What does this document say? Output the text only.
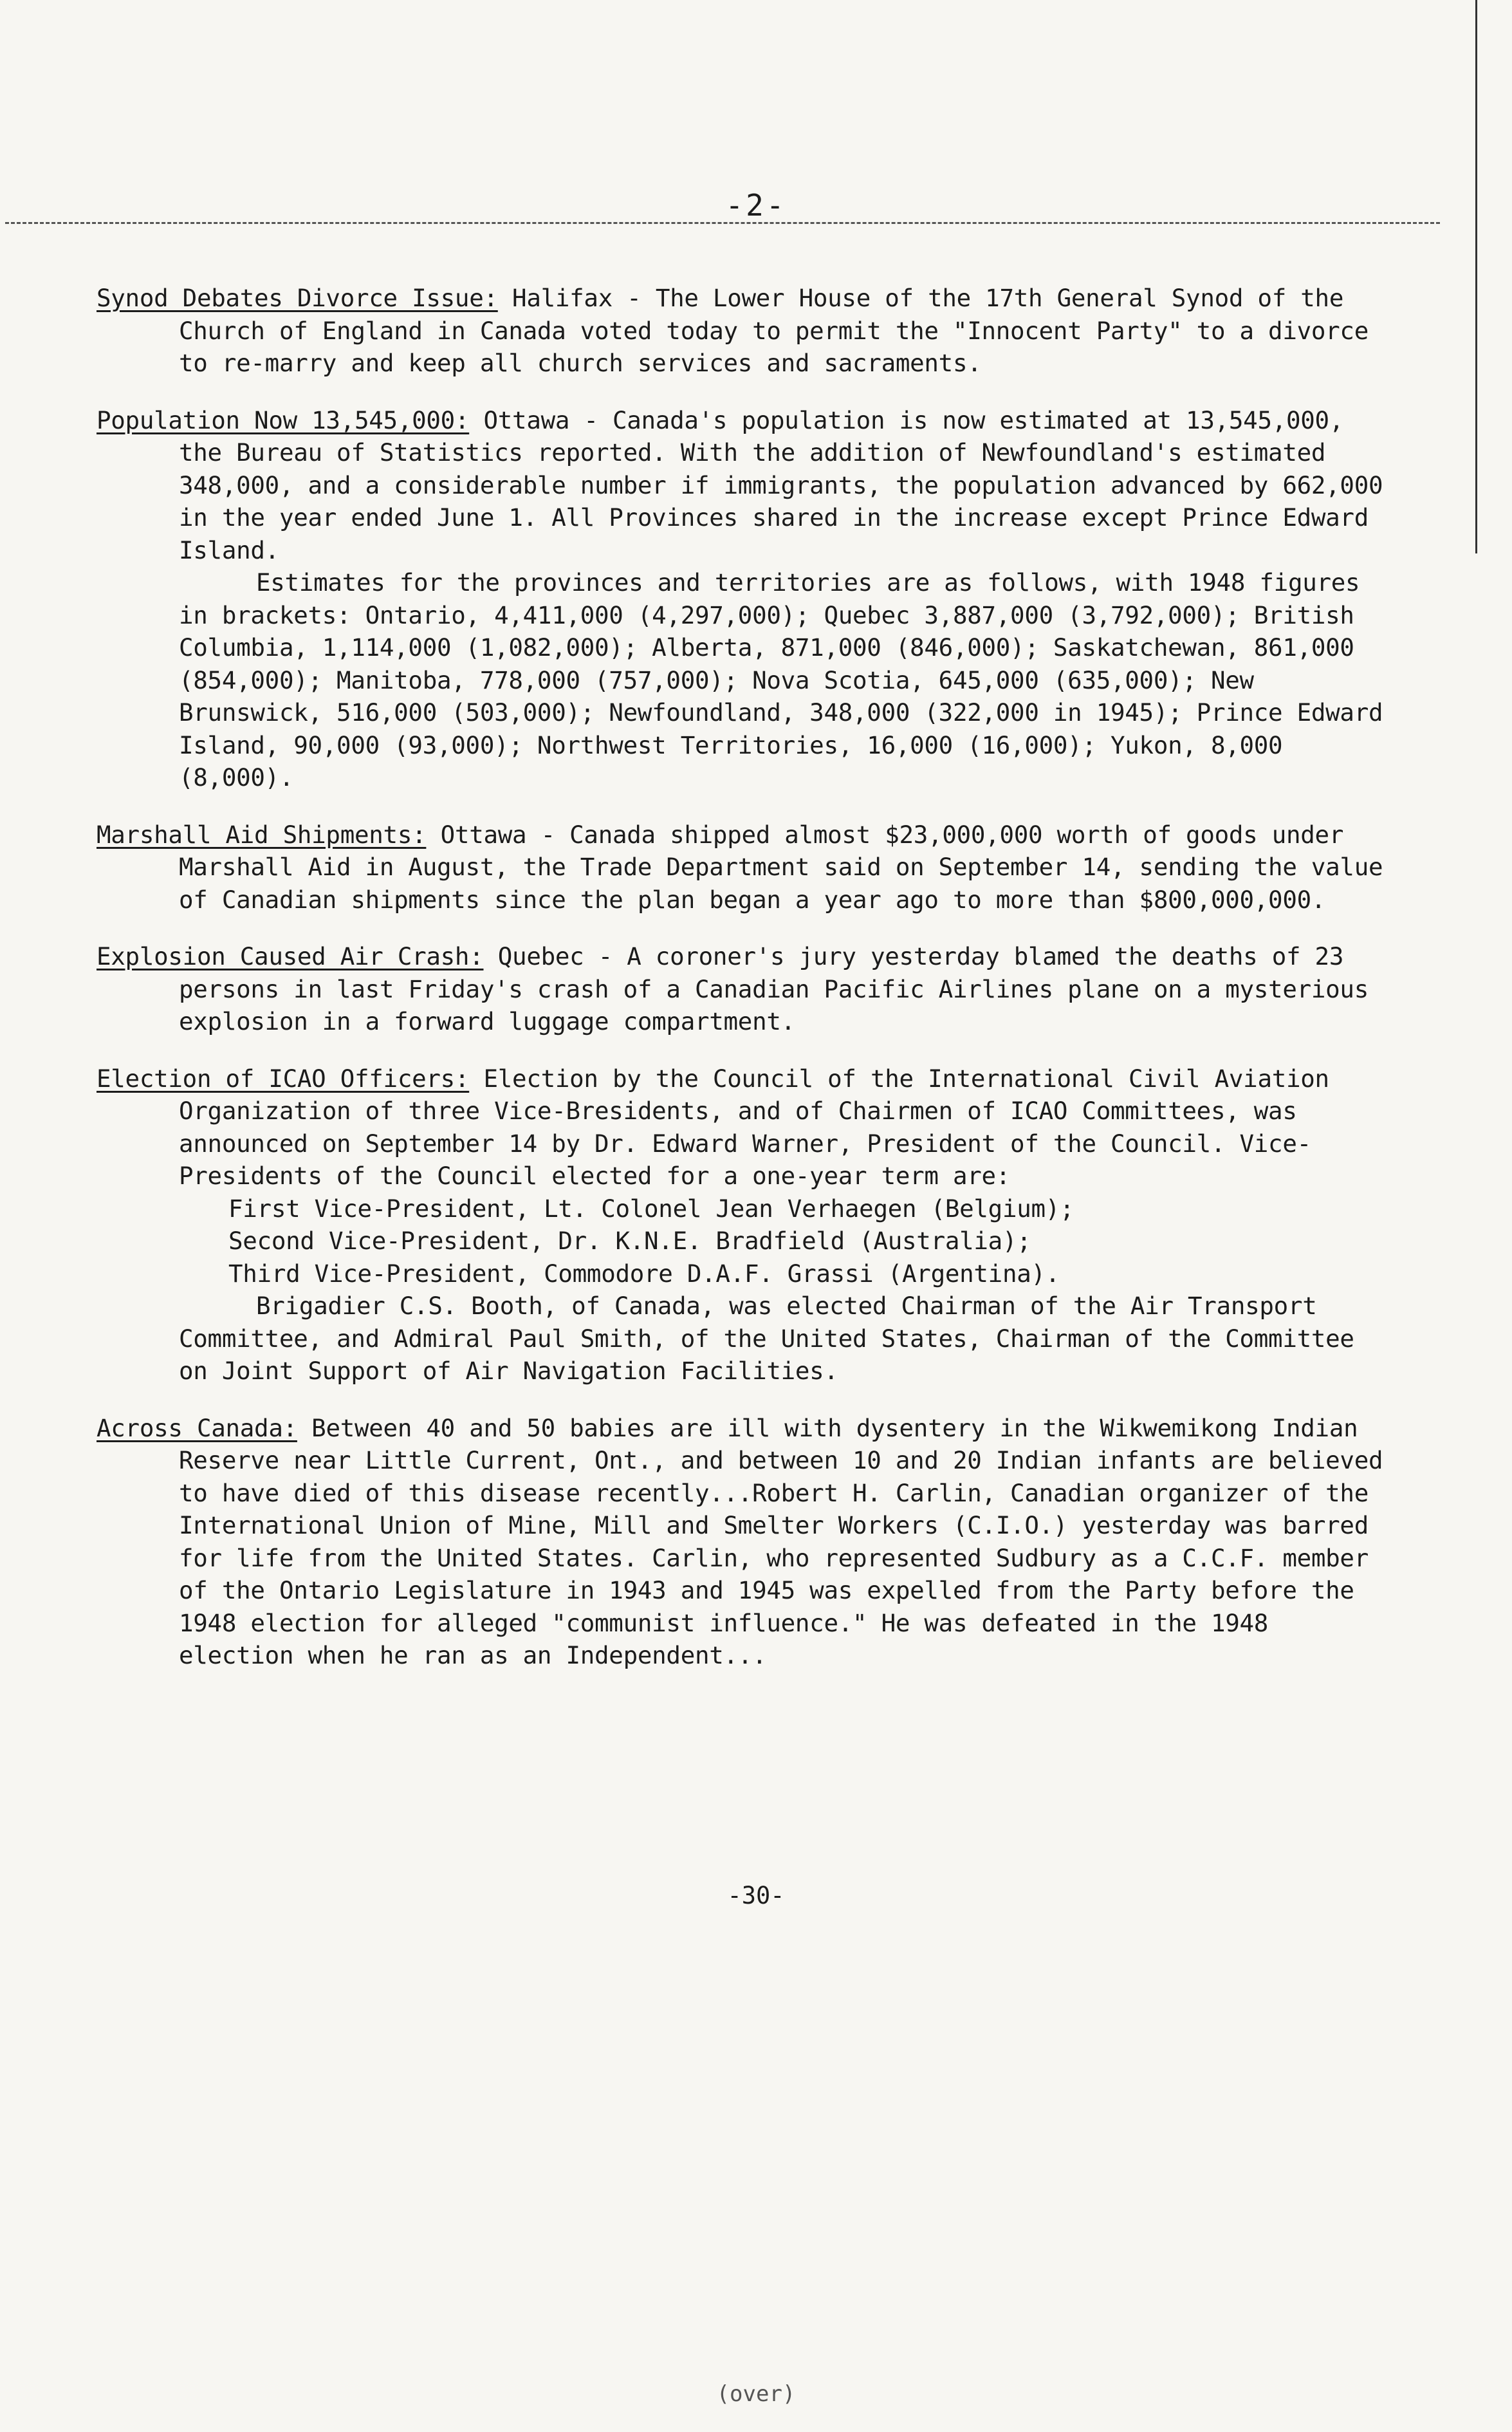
-2-

Synod Debates Divorce Issue: Halifax - The Lower House of the 17th General Synod of the Church of England in Canada voted today to permit the "Innocent Party" to a divorce to re-marry and keep all church services and sacraments.

Population Now 13,545,000: Ottawa - Canada's population is now estimated at 13,545,000, the Bureau of Statistics reported. With the addition of Newfoundland's estimated 348,000, and a considerable number if immigrants, the population advanced by 662,000 in the year ended June 1. All Provinces shared in the increase except Prince Edward Island.

Estimates for the provinces and territories are as follows, with 1948 figures in brackets: Ontario, 4,411,000 (4,297,000); Quebec 3,887,000 (3,792,000); British Columbia, 1,114,000 (1,082,000); Alberta, 871,000 (846,000); Saskatchewan, 861,000 (854,000); Manitoba, 778,000 (757,000); Nova Scotia, 645,000 (635,000); New Brunswick, 516,000 (503,000); Newfoundland, 348,000 (322,000 in 1945); Prince Edward Island, 90,000 (93,000); Northwest Territories, 16,000 (16,000); Yukon, 8,000 (8,000).

Marshall Aid Shipments: Ottawa - Canada shipped almost $23,000,000 worth of goods under Marshall Aid in August, the Trade Department said on September 14, sending the value of Canadian shipments since the plan began a year ago to more than $800,000,000.

Explosion Caused Air Crash: Quebec - A coroner's jury yesterday blamed the deaths of 23 persons in last Friday's crash of a Canadian Pacific Airlines plane on a mysterious explosion in a forward luggage compartment.

Election of ICAO Officers: Election by the Council of the International Civil Aviation Organization of three Vice-Bresidents, and of Chairmen of ICAO Committees, was announced on September 14 by Dr. Edward Warner, President of the Council. Vice-Presidents of the Council elected for a one-year term are:

First Vice-President, Lt. Colonel Jean Verhaegen (Belgium);

Second Vice-President, Dr. K.N.E. Bradfield (Australia);

Third Vice-President, Commodore D.A.F. Grassi (Argentina).

Brigadier C.S. Booth, of Canada, was elected Chairman of the Air Transport Committee, and Admiral Paul Smith, of the United States, Chairman of the Committee on Joint Support of Air Navigation Facilities.

Across Canada: Between 40 and 50 babies are ill with dysentery in the Wikwemikong Indian Reserve near Little Current, Ont., and between 10 and 20 Indian infants are believed to have died of this disease recently...Robert H. Carlin, Canadian organizer of the International Union of Mine, Mill and Smelter Workers (C.I.O.) yesterday was barred for life from the United States. Carlin, who represented Sudbury as a C.C.F. member of the Ontario Legislature in 1943 and 1945 was expelled from the Party before the 1948 election for alleged "communist influence." He was defeated in the 1948 election when he ran as an Independent...

-30-
(over)
